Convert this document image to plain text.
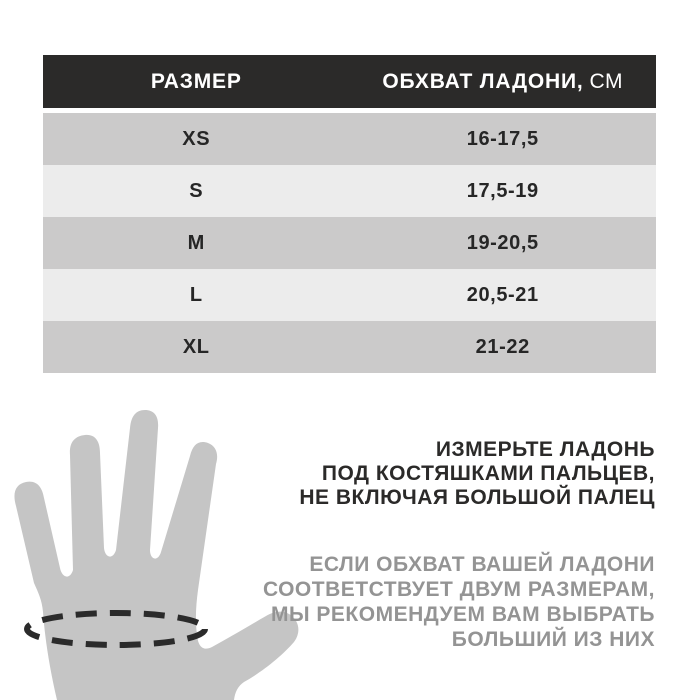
РАЗМЕР	ОБХВАТ ЛАДОНИ, СМ
XS	16-17,5
S	17,5-19
M	19-20,5
L	20,5-21
XL	21-22
ИЗМЕРЬТЕ ЛАДОНЬ
ПОД КОСТЯШКАМИ ПАЛЬЦЕВ,
НЕ ВКЛЮЧАЯ БОЛЬШОЙ ПАЛЕЦ
ЕСЛИ ОБХВАТ ВАШЕЙ ЛАДОНИ
СООТВЕТСТВУЕТ ДВУМ РАЗМЕРАМ,
МЫ РЕКОМЕНДУЕМ ВАМ ВЫБРАТЬ
БОЛЬШИЙ ИЗ НИХ
